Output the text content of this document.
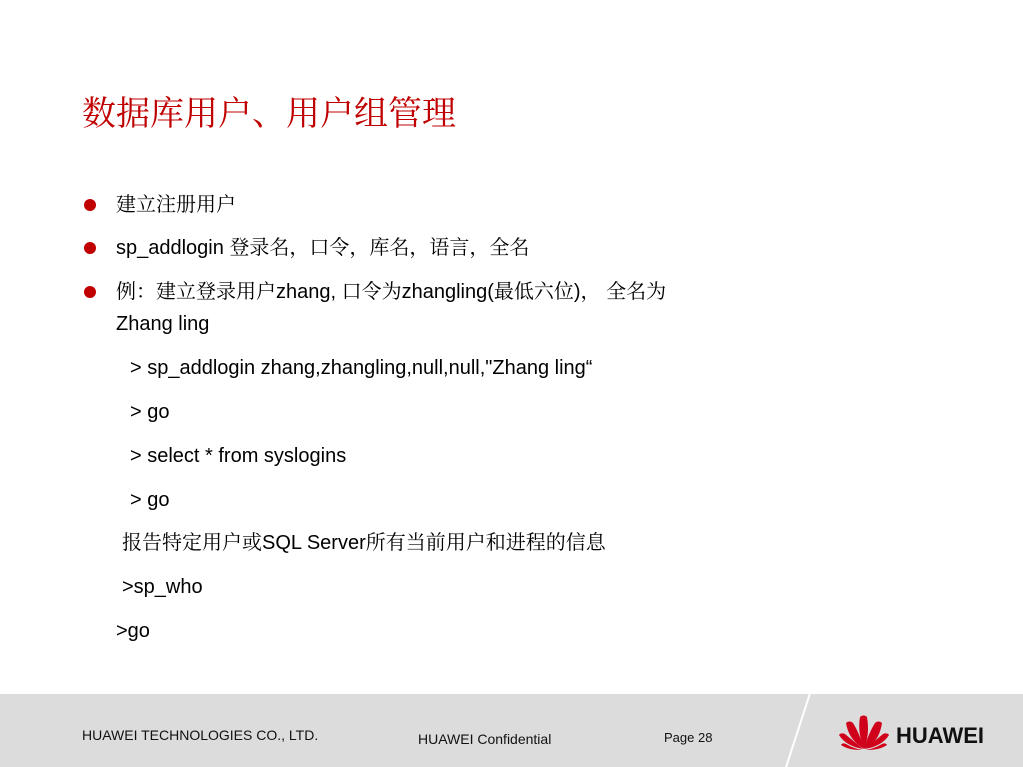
数据库用户、用户组管理
建立注册用户
sp_addlogin 登录名，口令，库名，语言，全名
例：建立登录用户zhang, 口令为zhangling(最低六位)， 全名为
Zhang ling
> sp_addlogin zhang,zhangling,null,null,"Zhang ling“
> go
> select * from syslogins
> go
报告特定用户或SQL Server所有当前用户和进程的信息
>sp_who
>go
HUAWEI TECHNOLOGIES CO., LTD.	HUAWEI Confidential	Page 28	HUAWEI
